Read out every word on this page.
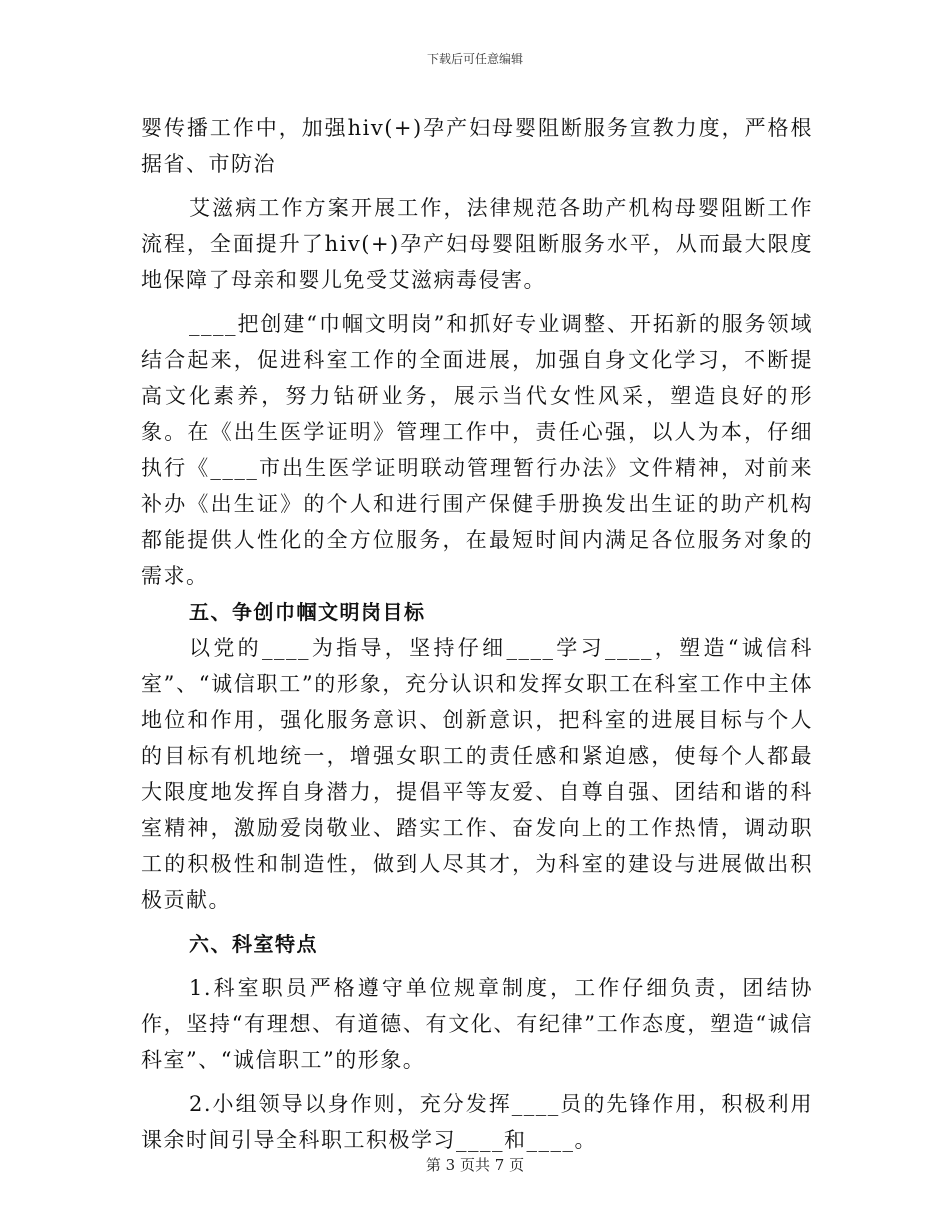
下载后可任意编辑

婴传播工作中，加强hiv(+)孕产妇母婴阻断服务宣教力度，严格根据省、市防治

艾滋病工作方案开展工作，法律规范各助产机构母婴阻断工作流程，全面提升了hiv(+)孕产妇母婴阻断服务水平，从而最大限度地保障了母亲和婴儿免受艾滋病毒侵害。

____把创建“巾帼文明岗”和抓好专业调整、开拓新的服务领域结合起来，促进科室工作的全面进展，加强自身文化学习，不断提高文化素养，努力钻研业务，展示当代女性风采，塑造良好的形象。在《出生医学证明》管理工作中，责任心强，以人为本，仔细执行《____市出生医学证明联动管理暂行办法》文件精神，对前来补办《出生证》的个人和进行围产保健手册换发出生证的助产机构都能提供人性化的全方位服务，在最短时间内满足各位服务对象的需求。

五、争创巾帼文明岗目标

以党的____为指导，坚持仔细____学习____，塑造“诚信科室”、“诚信职工”的形象，充分认识和发挥女职工在科室工作中主体地位和作用，强化服务意识、创新意识，把科室的进展目标与个人的目标有机地统一，增强女职工的责任感和紧迫感，使每个人都最大限度地发挥自身潜力，提倡平等友爱、自尊自强、团结和谐的科室精神，激励爱岗敬业、踏实工作、奋发向上的工作热情，调动职工的积极性和制造性，做到人尽其才，为科室的建设与进展做出积极贡献。

六、科室特点

1.科室职员严格遵守单位规章制度，工作仔细负责，团结协作，坚持“有理想、有道德、有文化、有纪律”工作态度，塑造“诚信科室”、“诚信职工”的形象。

2.小组领导以身作则，充分发挥____员的先锋作用，积极利用课余时间引导全科职工积极学习____和____。

第 3 页共 7 页
